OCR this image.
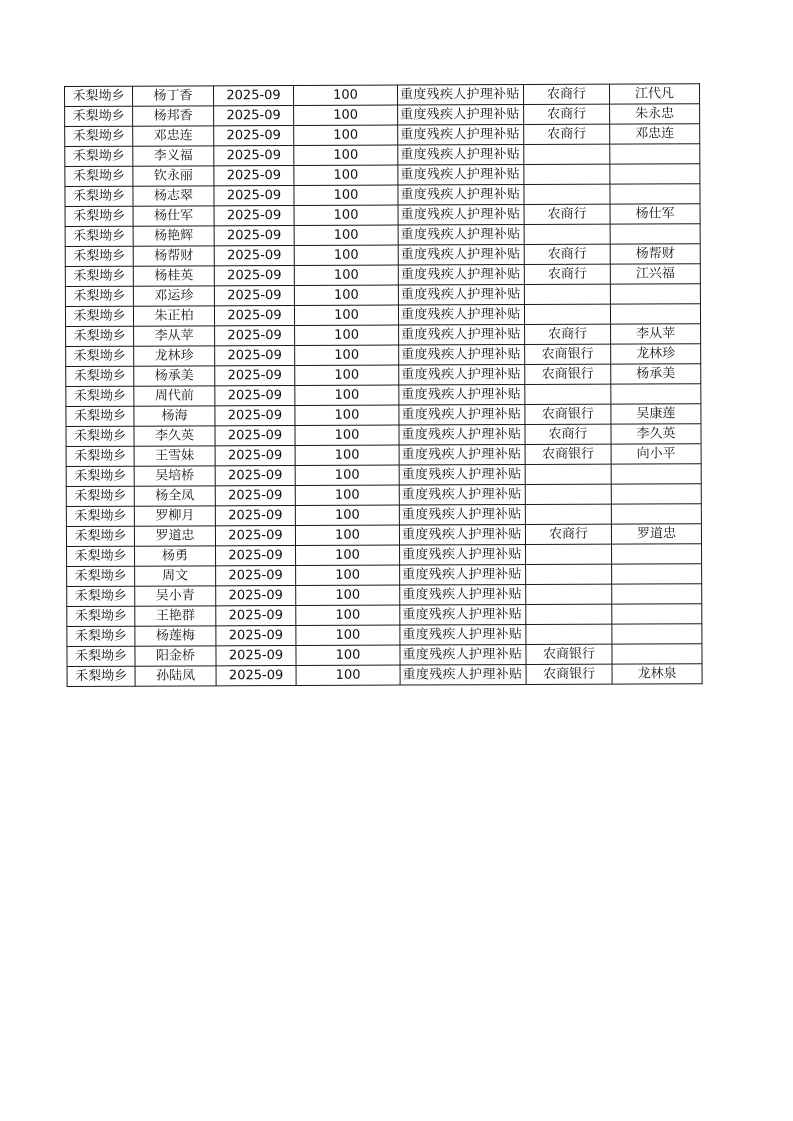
禾梨坳乡	杨丁香	2025-09	100	重度残疾人护理补贴	农商行	江代凡
禾梨坳乡	杨邦香	2025-09	100	重度残疾人护理补贴	农商行	朱永忠
禾梨坳乡	邓忠连	2025-09	100	重度残疾人护理补贴	农商行	邓忠连
禾梨坳乡	李义福	2025-09	100	重度残疾人护理补贴		
禾梨坳乡	钦永丽	2025-09	100	重度残疾人护理补贴		
禾梨坳乡	杨志翠	2025-09	100	重度残疾人护理补贴		
禾梨坳乡	杨仕军	2025-09	100	重度残疾人护理补贴	农商行	杨仕军
禾梨坳乡	杨艳辉	2025-09	100	重度残疾人护理补贴		
禾梨坳乡	杨帮财	2025-09	100	重度残疾人护理补贴	农商行	杨帮财
禾梨坳乡	杨桂英	2025-09	100	重度残疾人护理补贴	农商行	江兴福
禾梨坳乡	邓运珍	2025-09	100	重度残疾人护理补贴		
禾梨坳乡	朱正柏	2025-09	100	重度残疾人护理补贴		
禾梨坳乡	李从苹	2025-09	100	重度残疾人护理补贴	农商行	李从苹
禾梨坳乡	龙林珍	2025-09	100	重度残疾人护理补贴	农商银行	龙林珍
禾梨坳乡	杨承美	2025-09	100	重度残疾人护理补贴	农商银行	杨承美
禾梨坳乡	周代前	2025-09	100	重度残疾人护理补贴		
禾梨坳乡	杨海	2025-09	100	重度残疾人护理补贴	农商银行	吴康莲
禾梨坳乡	李久英	2025-09	100	重度残疾人护理补贴	农商行	李久英
禾梨坳乡	王雪妹	2025-09	100	重度残疾人护理补贴	农商银行	向小平
禾梨坳乡	吴培桥	2025-09	100	重度残疾人护理补贴		
禾梨坳乡	杨全凤	2025-09	100	重度残疾人护理补贴		
禾梨坳乡	罗柳月	2025-09	100	重度残疾人护理补贴		
禾梨坳乡	罗道忠	2025-09	100	重度残疾人护理补贴	农商行	罗道忠
禾梨坳乡	杨勇	2025-09	100	重度残疾人护理补贴		
禾梨坳乡	周文	2025-09	100	重度残疾人护理补贴		
禾梨坳乡	吴小青	2025-09	100	重度残疾人护理补贴		
禾梨坳乡	王艳群	2025-09	100	重度残疾人护理补贴		
禾梨坳乡	杨莲梅	2025-09	100	重度残疾人护理补贴		
禾梨坳乡	阳金桥	2025-09	100	重度残疾人护理补贴	农商银行	
禾梨坳乡	孙陆凤	2025-09	100	重度残疾人护理补贴	农商银行	龙林泉
